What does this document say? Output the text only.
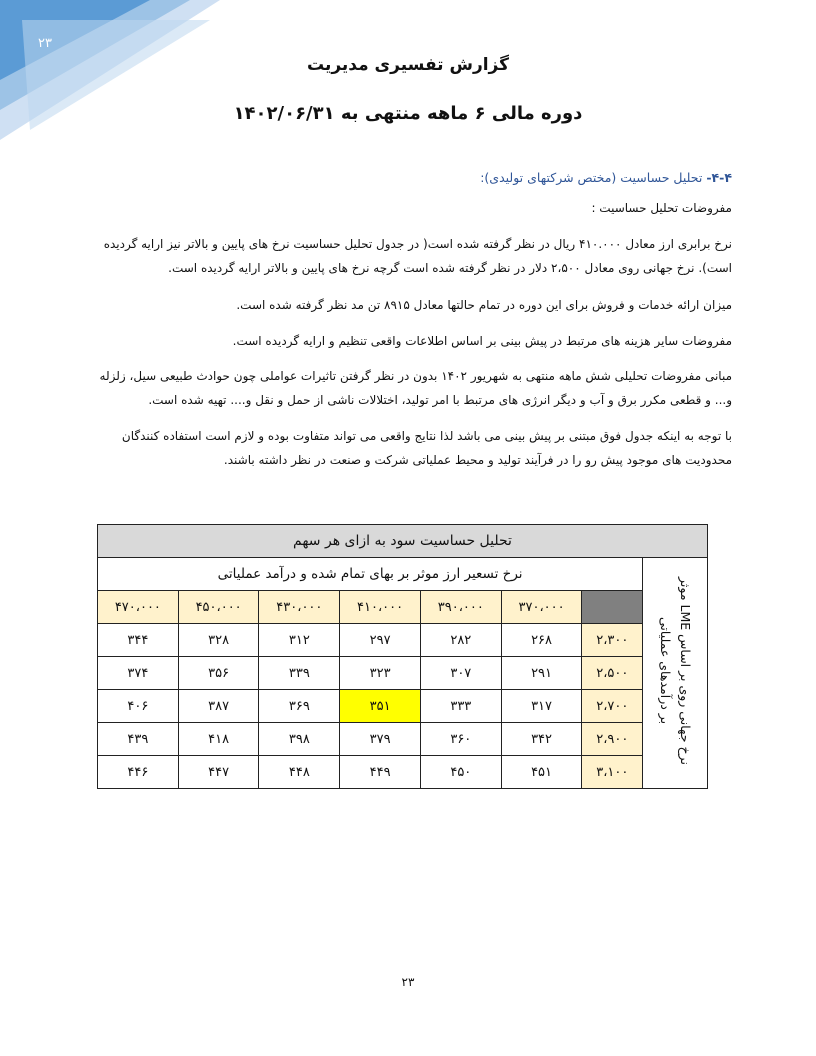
۲۳
گزارش تفسیری مدیریت
دوره مالی ۶ ماهه منتهی به ۱۴۰۲/۰۶/۳۱
۴-۴- تحلیل حساسیت (مختص شرکتهای تولیدی):
مفروضات تحلیل حساسیت :
نرخ برابری ارز معادل ۴۱۰.۰۰۰ ریال در نظر گرفته شده است( در جدول تحلیل حساسیت نرخ های پایین و بالاتر نیز ارایه گردیده است). نرخ جهانی روی معادل ۲،۵۰۰ دلار در نظر گرفته شده است گرچه نرخ های پایین و بالاتر ارایه گردیده است.
میزان ارائه خدمات و فروش برای این دوره در تمام حالتها معادل ۸۹۱۵ تن مد نظر گرفته شده است.
مفروضات سایر هزینه های مرتبط در پیش بینی بر اساس اطلاعات واقعی تنظیم و ارایه گردیده است.
مبانی مفروضات تحلیلی شش ماهه منتهی به شهریور ۱۴۰۲ بدون در نظر گرفتن تاثیرات عواملی چون حوادث طبیعی سیل، زلزله و... و قطعی مکرر برق و آب و دیگر انرژی های مرتبط با امر تولید، اختلالات ناشی از حمل و نقل و.... تهیه شده است.
با توجه به اینکه جدول فوق مبتنی بر پیش بینی می باشد لذا نتایج واقعی می تواند متفاوت بوده و لازم است استفاده کنندگان محدودیت های موجود پیش رو را در فرآیند تولید و محیط عملیاتی شرکت و صنعت در نظر داشته باشند.
تحلیل حساسیت سود به ازای هر سهم							
نرخ جهانی روی بر اساس LME موثر بر درآمدهای عملیاتی	نرخ تسعیر ارز موثر بر بهای تمام شده و درآمد عملیاتی						
		۳۷۰،۰۰۰	۳۹۰،۰۰۰	۴۱۰،۰۰۰	۴۳۰،۰۰۰	۴۵۰،۰۰۰	۴۷۰،۰۰۰
	۲،۳۰۰	۲۶۸	۲۸۲	۲۹۷	۳۱۲	۳۲۸	۳۴۴
	۲،۵۰۰	۲۹۱	۳۰۷	۳۲۳	۳۳۹	۳۵۶	۳۷۴
	۲،۷۰۰	۳۱۷	۳۳۳	۳۵۱	۳۶۹	۳۸۷	۴۰۶
	۲،۹۰۰	۳۴۲	۳۶۰	۳۷۹	۳۹۸	۴۱۸	۴۳۹
	۳،۱۰۰	۴۵۱	۴۵۰	۴۴۹	۴۴۸	۴۴۷	۴۴۶
۲۳
